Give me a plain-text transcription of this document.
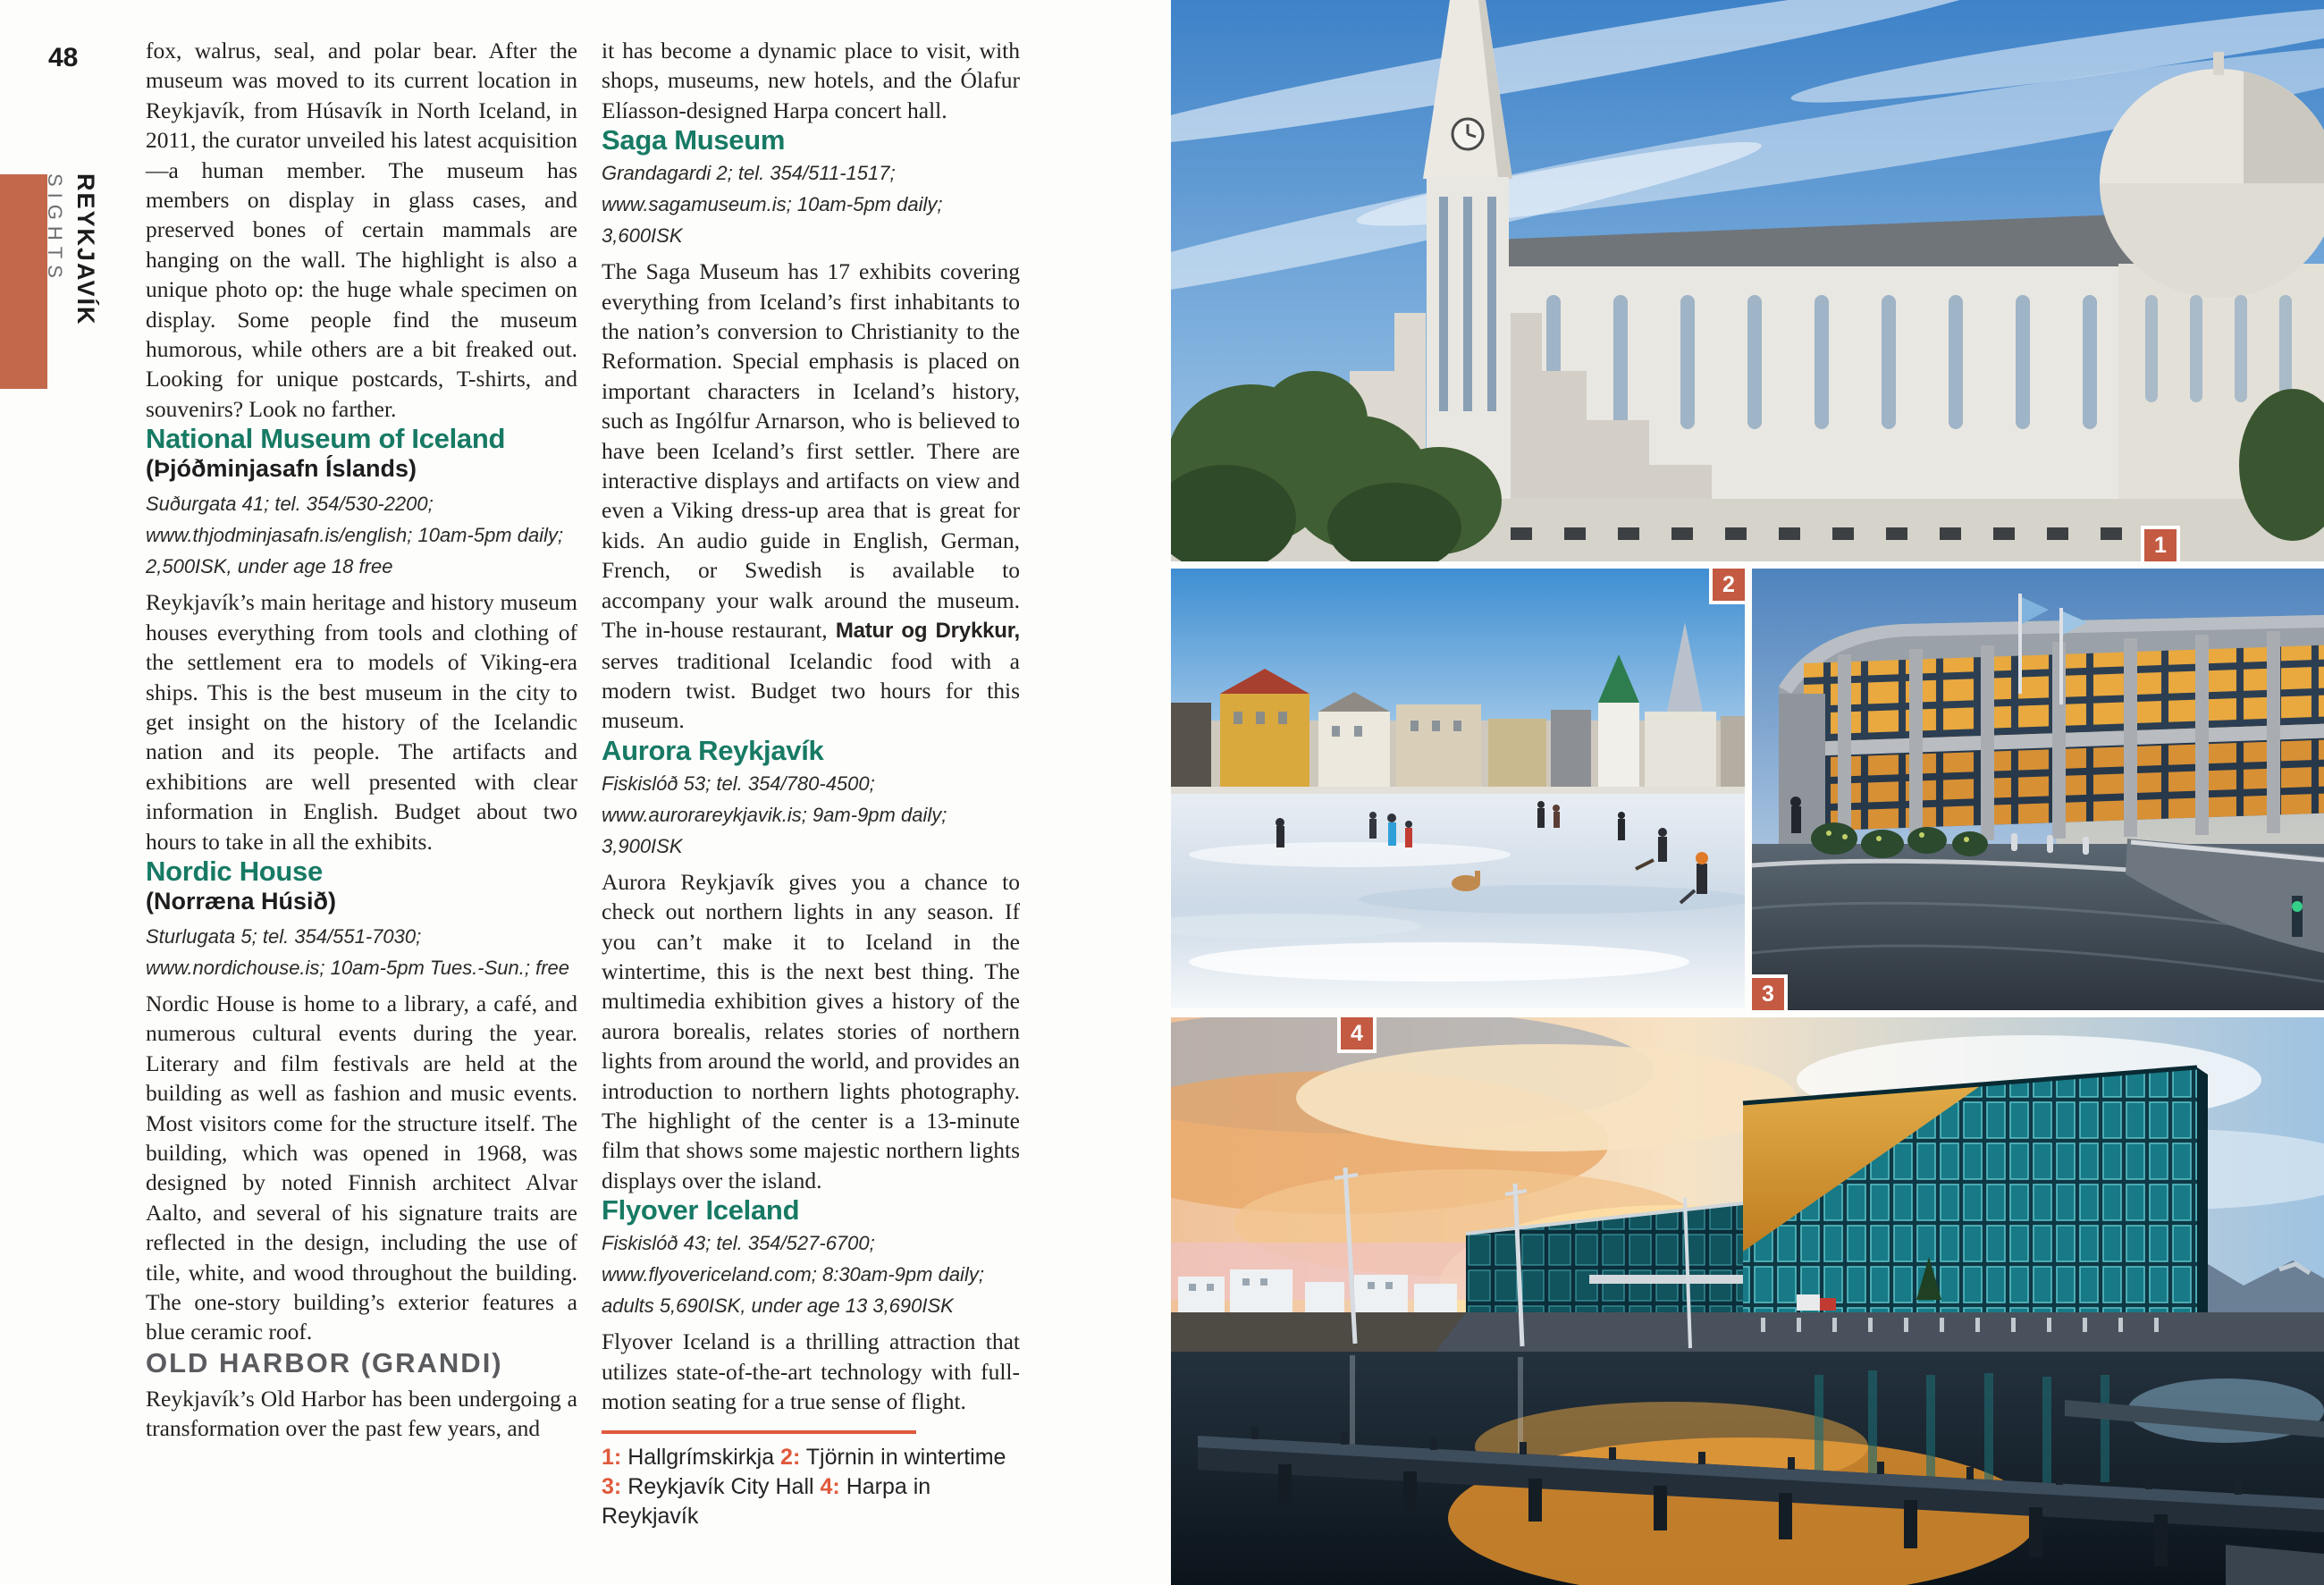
48
REYKJAVÍK
SIGHTS

fox, walrus, seal, and polar bear. After the museum was moved to its current location in Reykjavík, from Húsavík in North Iceland, in 2011, the curator unveiled his latest acquisition—a human member. The museum has members on display in glass cases, and preserved bones of certain mammals are hanging on the wall. The highlight is also a unique photo op: the huge whale specimen on display. Some people find the museum humorous, while others are a bit freaked out. Looking for unique postcards, T-shirts, and souvenirs? Look no farther.

National Museum of Iceland
(Þjóðminjasafn Íslands)

Suðurgata 41; tel. 354/530-2200; www.thjodminjasafn.is/english; 10am-5pm daily; 2,500ISK, under age 18 free

Reykjavík’s main heritage and history museum houses everything from tools and clothing of the settlement era to models of Viking-era ships. This is the best museum in the city to get insight on the history of the Icelandic nation and its people. The artifacts and exhibitions are well presented with clear information in English. Budget about two hours to take in all the exhibits.

Nordic House
(Norræna Húsið)

Sturlugata 5; tel. 354/551-7030; www.nordichouse.is; 10am-5pm Tues.-Sun.; free

Nordic House is home to a library, a café, and numerous cultural events during the year. Literary and film festivals are held at the building as well as fashion and music events. Most visitors come for the structure itself. The building, which was opened in 1968, was designed by noted Finnish architect Alvar Aalto, and several of his signature traits are reflected in the design, including the use of tile, white, and wood throughout the building. The one-story building’s exterior features a blue ceramic roof.

OLD HARBOR (GRANDI)

Reykjavík’s Old Harbor has been undergoing a transformation over the past few years, and

it has become a dynamic place to visit, with shops, museums, new hotels, and the Ólafur Elíasson-designed Harpa concert hall.

Saga Museum

Grandagardi 2; tel. 354/511-1517; www.sagamuseum.is; 10am-5pm daily; 3,600ISK

The Saga Museum has 17 exhibits covering everything from Iceland’s first inhabitants to the nation’s conversion to Christianity to the Reformation. Special emphasis is placed on important characters in Iceland’s history, such as Ingólfur Arnarson, who is believed to have been Iceland’s first settler. There are interactive displays and artifacts on view and even a Viking dress-up area that is great for kids. An audio guide in English, German, French, or Swedish is available to accompany your walk around the museum. The in-house restaurant, Matur og Drykkur, serves traditional Icelandic food with a modern twist. Budget two hours for this museum.

Aurora Reykjavík

Fiskislóð 53; tel. 354/780-4500; www.aurorareykjavik.is; 9am-9pm daily; 3,900ISK

Aurora Reykjavík gives you a chance to check out northern lights in any season. If you can’t make it to Iceland in the wintertime, this is the next best thing. The multimedia exhibition gives a history of the aurora borealis, relates stories of northern lights from around the world, and provides an introduction to northern lights photography. The highlight of the center is a 13-minute film that shows some majestic northern lights displays over the island.

Flyover Iceland

Fiskislóð 43; tel. 354/527-6700; www.flyovericeland.com; 8:30am-9pm daily; adults 5,690ISK, under age 13 3,690ISK

Flyover Iceland is a thrilling attraction that utilizes state-of-the-art technology with full-motion seating for a true sense of flight.

1: Hallgrímskirkja 2: Tjörnin in wintertime
3: Reykjavík City Hall 4: Harpa in Reykjavík

1
2
3
4
